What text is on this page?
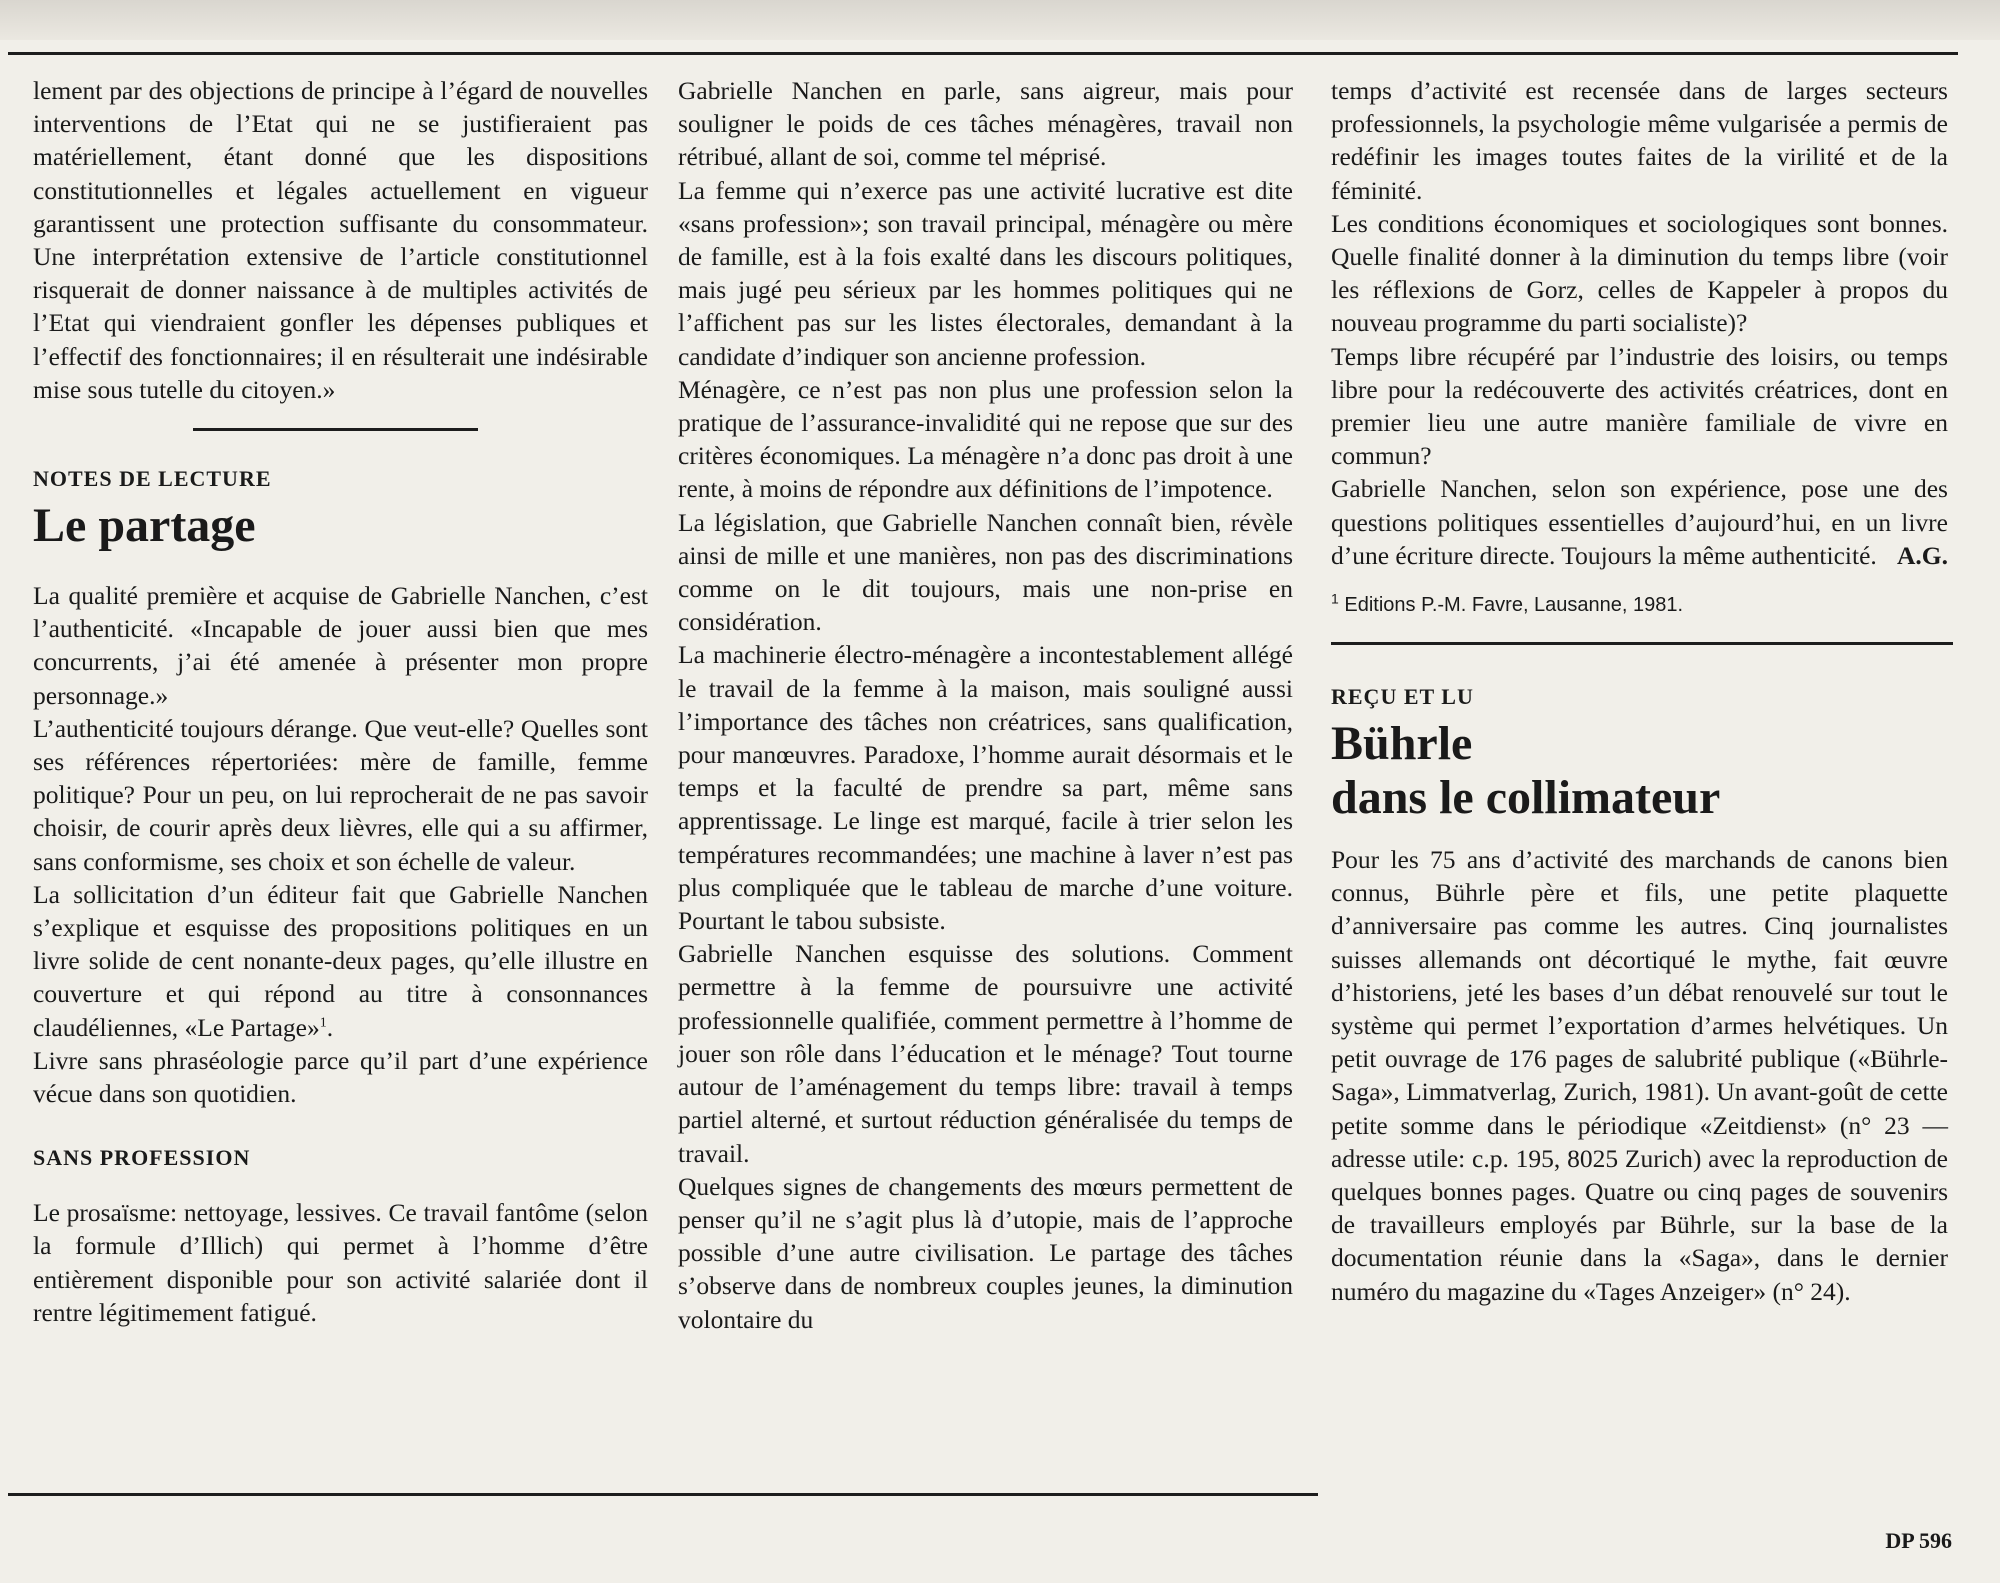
lement par des objections de principe à l’égard de nouvelles interventions de l’Etat qui ne se justifieraient pas matériellement, étant donné que les dispositions constitutionnelles et légales actuellement en vigueur garantissent une protection suffisante du consommateur. Une interprétation extensive de l’article constitutionnel risquerait de donner naissance à de multiples activités de l’Etat qui viendraient gonfler les dépenses publiques et l’effectif des fonctionnaires; il en résulterait une indésirable mise sous tutelle du citoyen.»

NOTES DE LECTURE
Le partage

La qualité première et acquise de Gabrielle Nanchen, c’est l’authenticité. «Incapable de jouer aussi bien que mes concurrents, j’ai été amenée à présenter mon propre personnage.»

L’authenticité toujours dérange. Que veut-elle? Quelles sont ses références répertoriées: mère de famille, femme politique? Pour un peu, on lui reprocherait de ne pas savoir choisir, de courir après deux lièvres, elle qui a su affirmer, sans conformisme, ses choix et son échelle de valeur.

La sollicitation d’un éditeur fait que Gabrielle Nanchen s’explique et esquisse des propositions politiques en un livre solide de cent nonante-deux pages, qu’elle illustre en couverture et qui répond au titre à consonnances claudéliennes, «Le Partage»$^1$.

Livre sans phraséologie parce qu’il part d’une expérience vécue dans son quotidien.

SANS PROFESSION

Le prosaïsme: nettoyage, lessives. Ce travail fantôme (selon la formule d’Illich) qui permet à l’homme d’être entièrement disponible pour son activité salariée dont il rentre légitimement fatigué.

Gabrielle Nanchen en parle, sans aigreur, mais pour souligner le poids de ces tâches ménagères, travail non rétribué, allant de soi, comme tel méprisé.

La femme qui n’exerce pas une activité lucrative est dite «sans profession»; son travail principal, ménagère ou mère de famille, est à la fois exalté dans les discours politiques, mais jugé peu sérieux par les hommes politiques qui ne l’affichent pas sur les listes électorales, demandant à la candidate d’indiquer son ancienne profession.

Ménagère, ce n’est pas non plus une profession selon la pratique de l’assurance-invalidité qui ne repose que sur des critères économiques. La ménagère n’a donc pas droit à une rente, à moins de répondre aux définitions de l’impotence.

La législation, que Gabrielle Nanchen connaît bien, révèle ainsi de mille et une manières, non pas des discriminations comme on le dit toujours, mais une non-prise en considération.

La machinerie électro-ménagère a incontestablement allégé le travail de la femme à la maison, mais souligné aussi l’importance des tâches non créatrices, sans qualification, pour manœuvres. Paradoxe, l’homme aurait désormais et le temps et la faculté de prendre sa part, même sans apprentissage. Le linge est marqué, facile à trier selon les températures recommandées; une machine à laver n’est pas plus compliquée que le tableau de marche d’une voiture. Pourtant le tabou subsiste.

Gabrielle Nanchen esquisse des solutions. Comment permettre à la femme de poursuivre une activité professionnelle qualifiée, comment permettre à l’homme de jouer son rôle dans l’éducation et le ménage? Tout tourne autour de l’aménagement du temps libre: travail à temps partiel alterné, et surtout réduction généralisée du temps de travail.

Quelques signes de changements des mœurs permettent de penser qu’il ne s’agit plus là d’utopie, mais de l’approche possible d’une autre civilisation. Le partage des tâches s’observe dans de nombreux couples jeunes, la diminution volontaire du

temps d’activité est recensée dans de larges secteurs professionnels, la psychologie même vulgarisée a permis de redéfinir les images toutes faites de la virilité et de la féminité.

Les conditions économiques et sociologiques sont bonnes. Quelle finalité donner à la diminution du temps libre (voir les réflexions de Gorz, celles de Kappeler à propos du nouveau programme du parti socialiste)?

Temps libre récupéré par l’industrie des loisirs, ou temps libre pour la redécouverte des activités créatrices, dont en premier lieu une autre manière familiale de vivre en commun?

Gabrielle Nanchen, selon son expérience, pose une des questions politiques essentielles d’aujourd’hui, en un livre d’une écriture directe. Toujours la même authenticité. A.G.

$^1$ Editions P.-M. Favre, Lausanne, 1981.
REÇU ET LU
Bührle
dans le collimateur

Pour les 75 ans d’activité des marchands de canons bien connus, Bührle père et fils, une petite plaquette d’anniversaire pas comme les autres. Cinq journalistes suisses allemands ont décortiqué le mythe, fait œuvre d’historiens, jeté les bases d’un débat renouvelé sur tout le système qui permet l’exportation d’armes helvétiques. Un petit ouvrage de 176 pages de salubrité publique («Bührle-Saga», Limmatverlag, Zurich, 1981). Un avant-goût de cette petite somme dans le périodique «Zeitdienst» (n° 23 — adresse utile: c.p. 195, 8025 Zurich) avec la reproduction de quelques bonnes pages. Quatre ou cinq pages de souvenirs de travailleurs employés par Bührle, sur la base de la documentation réunie dans la «Saga», dans le dernier numéro du magazine du «Tages Anzeiger» (n° 24).

DP 596
